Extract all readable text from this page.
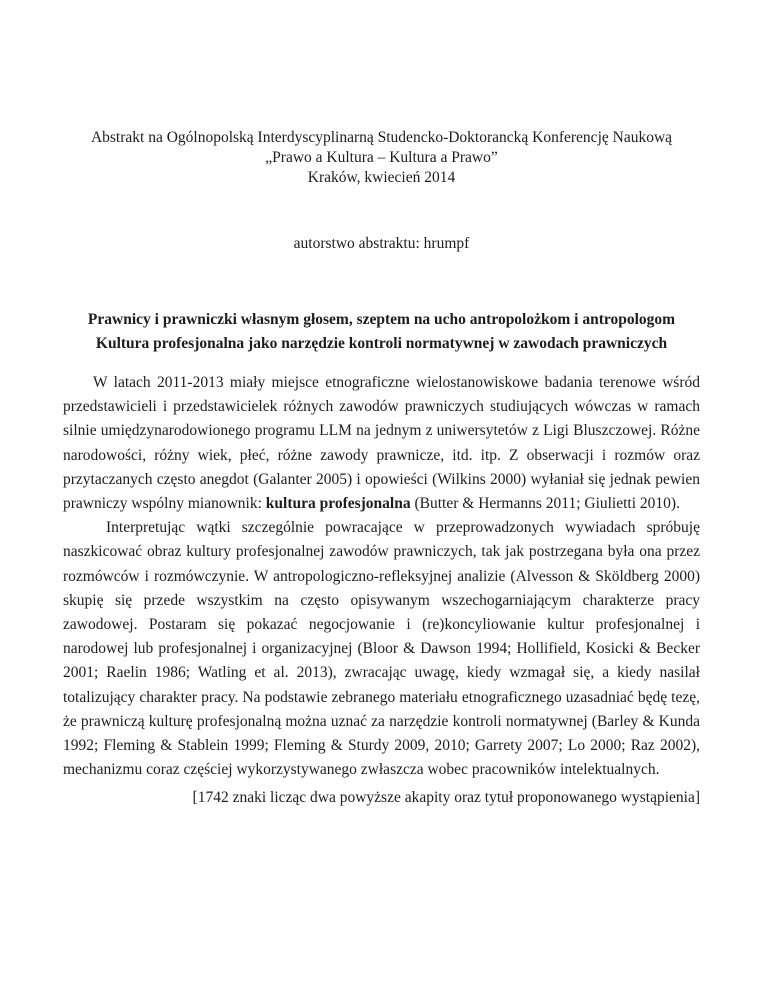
Abstrakt na Ogólnopolską Interdyscyplinarną Studencko-Doktorancką Konferencję Naukową
„Prawo a Kultura – Kultura a Prawo”
Kraków, kwiecień 2014
autorstwo abstraktu: hrumpf
Prawnicy i prawniczki własnym głosem, szeptem na ucho antropolożkom i antropologom
Kultura profesjonalna jako narzędzie kontroli normatywnej w zawodach prawniczych

W latach 2011-2013 miały miejsce etnograficzne wielostanowiskowe badania terenowe wśród przedstawicieli i przedstawicielek różnych zawodów prawniczych studiujących wówczas w ramach silnie umiędzynarodowionego programu LLM na jednym z uniwersytetów z Ligi Bluszczowej. Różne narodowości, różny wiek, płeć, różne zawody prawnicze, itd. itp. Z obserwacji i rozmów oraz przytaczanych często anegdot (Galanter 2005) i opowieści (Wilkins 2000) wyłaniał się jednak pewien prawniczy wspólny mianownik: kultura profesjonalna (Butter & Hermanns 2011; Giulietti 2010).

Interpretując wątki szczególnie powracające w przeprowadzonych wywiadach spróbuję naszkicować obraz kultury profesjonalnej zawodów prawniczych, tak jak postrzegana była ona przez rozmówców i rozmówczynie. W antropologiczno-refleksyjnej analizie (Alvesson & Sköldberg 2000) skupię się przede wszystkim na często opisywanym wszechogarniającym charakterze pracy zawodowej. Postaram się pokazać negocjowanie i (re)koncyliowanie kultur profesjonalnej i narodowej lub profesjonalnej i organizacyjnej (Bloor & Dawson 1994; Hollifield, Kosicki & Becker 2001; Raelin 1986; Watling et al. 2013), zwracając uwagę, kiedy wzmagał się, a kiedy nasilał totalizujący charakter pracy. Na podstawie zebranego materiału etnograficznego uzasadniać będę tezę, że prawniczą kulturę profesjonalną można uznać za narzędzie kontroli normatywnej (Barley & Kunda 1992; Fleming & Stablein 1999; Fleming & Sturdy 2009, 2010; Garrety 2007; Lo 2000; Raz 2002), mechanizmu coraz częściej wykorzystywanego zwłaszcza wobec pracowników intelektualnych.

[1742 znaki licząc dwa powyższe akapity oraz tytuł proponowanego wystąpienia]
